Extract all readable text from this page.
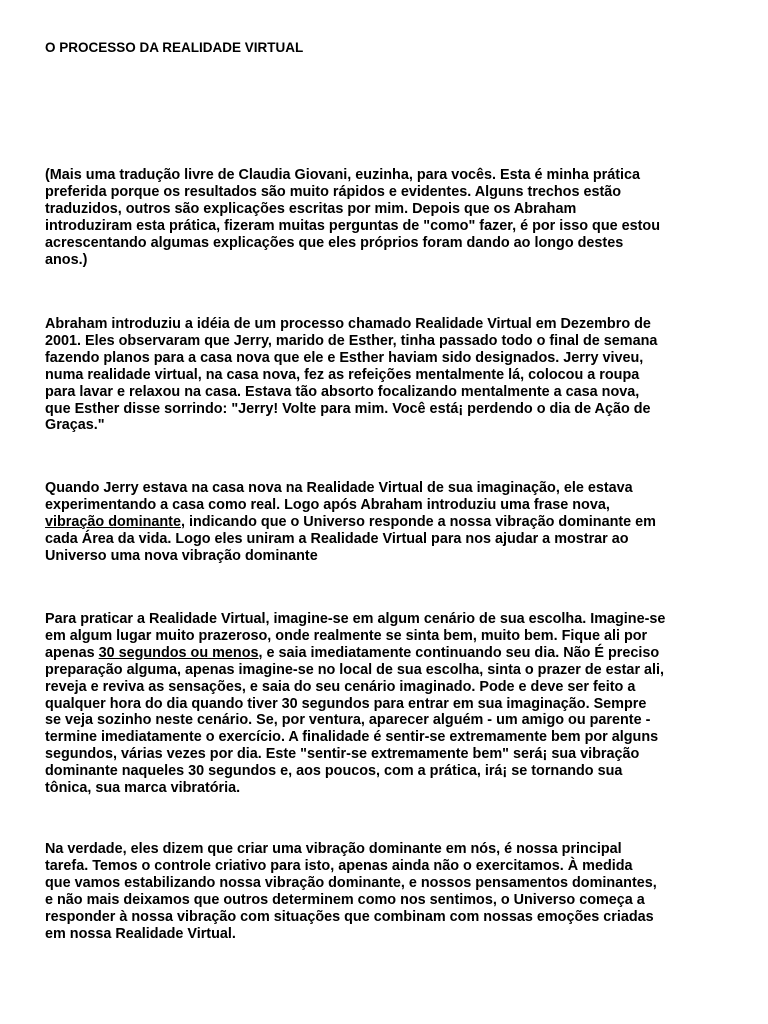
O PROCESSO DA REALIDADE VIRTUAL

(Mais uma tradução livre de Claudia Giovani, euzinha, para vocês. Esta é minha prática
preferida porque os resultados são muito rápidos e evidentes. Alguns trechos estão
traduzidos, outros são explicações escritas por mim. Depois que os Abraham
introduziram esta prática, fizeram muitas perguntas de "como" fazer, é por isso que estou
acrescentando algumas explicações que eles próprios foram dando ao longo destes
anos.)

Abraham introduziu a idéia de um processo chamado Realidade Virtual em Dezembro de
2001. Eles observaram que Jerry, marido de Esther, tinha passado todo o final de semana
fazendo planos para a casa nova que ele e Esther haviam sido designados. Jerry viveu,
numa realidade virtual, na casa nova, fez as refeições mentalmente lá, colocou a roupa
para lavar e relaxou na casa. Estava tão absorto focalizando mentalmente a casa nova,
que Esther disse sorrindo: "Jerry! Volte para mim. Você está¡ perdendo o dia de Ação de
Graças."

Quando Jerry estava na casa nova na Realidade Virtual de sua imaginação, ele estava
experimentando a casa como real. Logo após Abraham introduziu uma frase nova,
vibração dominante, indicando que o Universo responde a nossa vibração dominante em
cada Área da vida. Logo eles uniram a Realidade Virtual para nos ajudar a mostrar ao
Universo uma nova vibração dominante

Para praticar a Realidade Virtual, imagine-se em algum cenário de sua escolha. Imagine-se
em algum lugar muito prazeroso, onde realmente se sinta bem, muito bem. Fique ali por
apenas 30 segundos ou menos, e saia imediatamente continuando seu dia. Não É preciso
preparação alguma, apenas imagine-se no local de sua escolha, sinta o prazer de estar ali,
reveja e reviva as sensações, e saia do seu cenário imaginado. Pode e deve ser feito a
qualquer hora do dia quando tiver 30 segundos para entrar em sua imaginação. Sempre
se veja sozinho neste cenário. Se, por ventura, aparecer alguém - um amigo ou parente -
termine imediatamente o exercício. A finalidade é sentir-se extremamente bem por alguns
segundos, várias vezes por dia. Este "sentir-se extremamente bem" será¡ sua vibração
dominante naqueles 30 segundos e, aos poucos, com a prática, irá¡ se tornando sua
tônica, sua marca vibratória.

Na verdade, eles dizem que criar uma vibração dominante em nós, é nossa principal
tarefa. Temos o controle criativo para isto, apenas ainda não o exercitamos. À medida
que vamos estabilizando nossa vibração dominante, e nossos pensamentos dominantes,
e não mais deixamos que outros determinem como nos sentimos, o Universo começa a
responder à nossa vibração com situações que combinam com nossas emoções criadas
em nossa Realidade Virtual.
